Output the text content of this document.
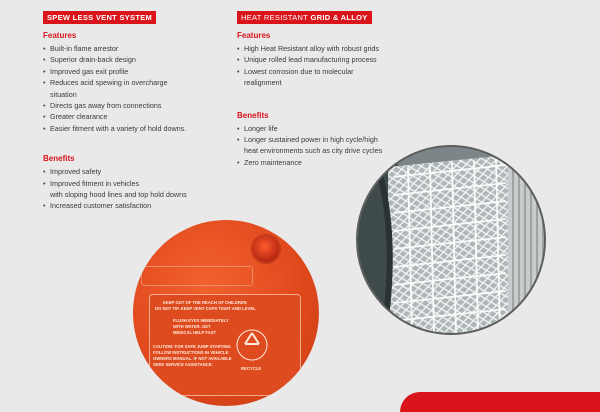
SPEW LESS VENT SYSTEM
Features
• Built-in flame arrestor
• Superior drain-back design
• Improved gas exit profile
• Reduces acid spewing in overcharge
situation
• Directs gas away from connections
• Greater clearance
• Easier fitment with a variety of hold downs.
Benefits
• Improved safety
• Improved fitment in vehicles
with sloping hood lines and top hold downs
• Increased customer satisfaction
HEAT RESISTANT GRID & ALLOY
Features
• High Heat Resistant alloy with robust grids
• Unique rolled lead manufacturing process
• Lowest corrosion due to molecular
realignment
Benefits
• Longer life
• Longer sustained power in high cycle/high
heat environments such as city drive cycles
• Zero maintenance
KEEP OUT OF THE REACH OF CHILDREN
DO NOT TIP. KEEP VENT CAPS TIGHT AND LEVEL
FLUSH EYES IMMEDIATELY
WITH WATER. GET
MEDICAL HELP FAST
CAUTION: FOR SAFE JUMP STARTING
FOLLOW INSTRUCTIONS IN VEHICLE
OWNERS MANUAL. IF NOT AVAILABLE
SEEK SERVICE ASSISTANCE.
RECYCLE
